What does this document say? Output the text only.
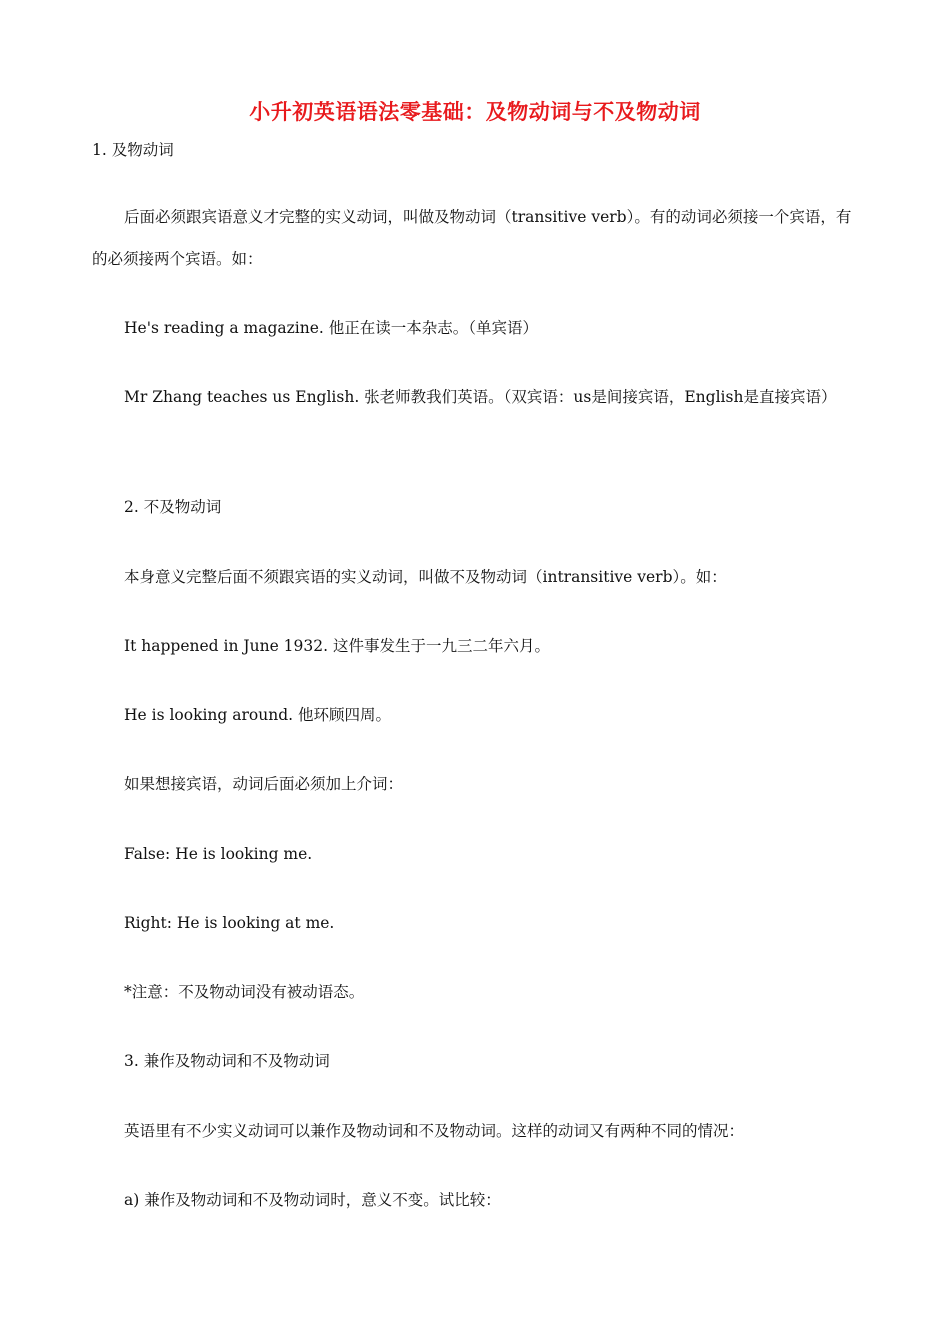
小升初英语语法零基础：及物动词与不及物动词
1. 及物动词
后面必须跟宾语意义才完整的实义动词，叫做及物动词（transitive verb）。有的动词必须接一个宾语，有的必须接两个宾语。如：
He's reading a magazine. 他正在读一本杂志。（单宾语）
Mr Zhang teaches us English. 张老师教我们英语。（双宾语：us是间接宾语，English是直接宾语）
2. 不及物动词
本身意义完整后面不须跟宾语的实义动词，叫做不及物动词（intransitive verb）。如：
It happened in June 1932. 这件事发生于一九三二年六月。
He is looking around. 他环顾四周。
如果想接宾语，动词后面必须加上介词：
False: He is looking me.
Right: He is looking at me.
*注意：不及物动词没有被动语态。
3. 兼作及物动词和不及物动词
英语里有不少实义动词可以兼作及物动词和不及物动词。这样的动词又有两种不同的情况：
a) 兼作及物动词和不及物动词时，意义不变。试比较：
